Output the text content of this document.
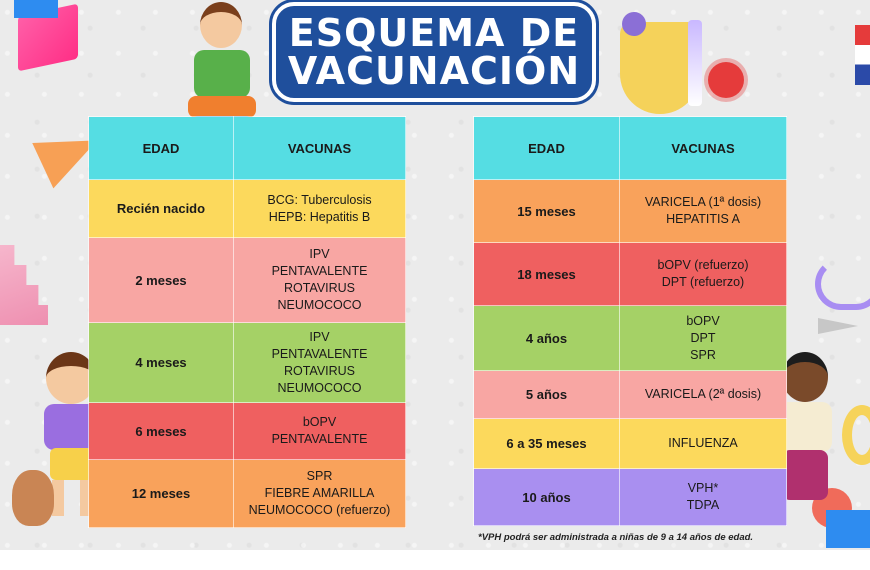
ESQUEMA DE
VACUNACIÓN
EDAD	VACUNAS
Recién nacido	BCG: Tuberculosis
HEPB: Hepatitis B

2 meses	IPV
PENTAVALENTE
ROTAVIRUS
NEUMOCOCO

4 meses	IPV
PENTAVALENTE
ROTAVIRUS
NEUMOCOCO

6 meses	bOPV
PENTAVALENTE

12 meses	SPR
FIEBRE AMARILLA
NEUMOCOCO (refuerzo)
EDAD	VACUNAS
15 meses	VARICELA (1ª dosis)
HEPATITIS A

18 meses	bOPV (refuerzo)
DPT (refuerzo)

4 años	bOPV
DPT
SPR

5 años	VARICELA (2ª dosis)

6 a 35 meses	INFLUENZA

10 años	VPH*
TDPA
*VPH podrá ser administrada a niñas de 9 a 14 años de edad.
